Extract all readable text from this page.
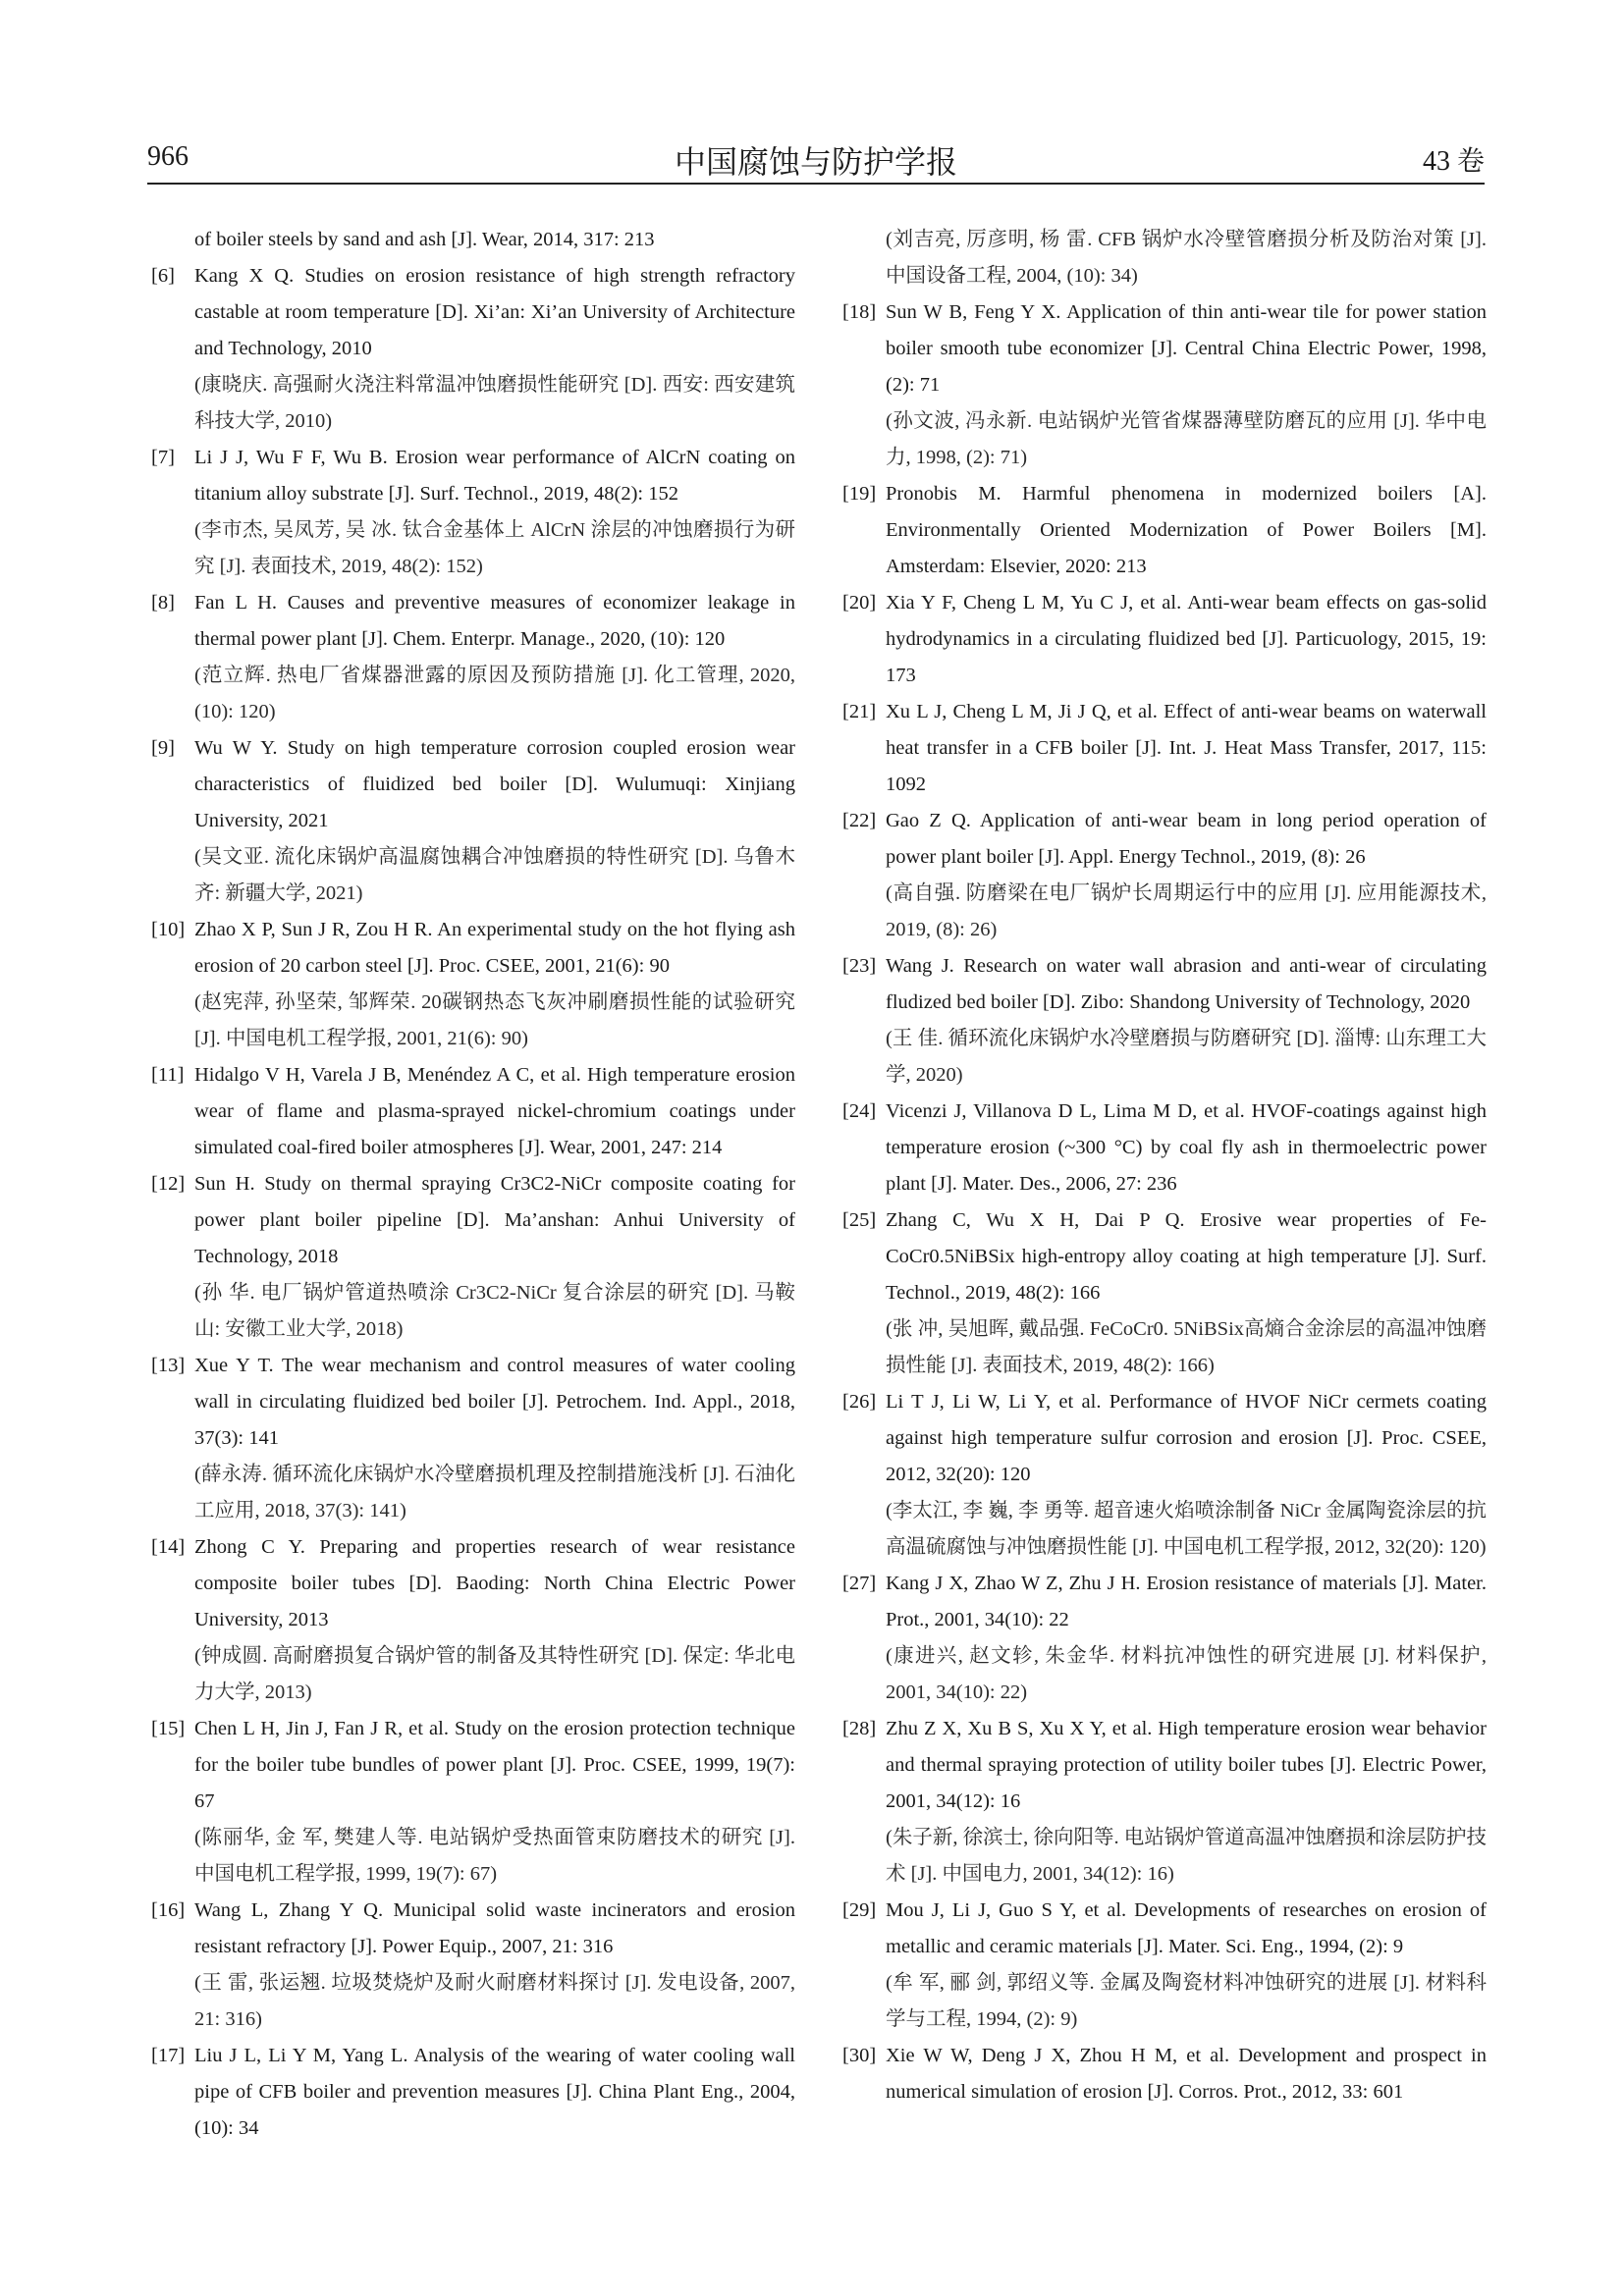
966	中国腐蚀与防护学报	43 卷
of boiler steels by sand and ash [J]. Wear, 2014, 317: 213
[6] Kang X Q. Studies on erosion resistance of high strength refractory castable at room temperature [D]. Xi’an: Xi’an University of Architecture and Technology, 2010
(康晓庆. 高强耐火浇注料常温冲蚀磨损性能研究 [D]. 西安: 西安建筑科技大学, 2010)
[7] Li J J, Wu F F, Wu B. Erosion wear performance of AlCrN coating on titanium alloy substrate [J]. Surf. Technol., 2019, 48(2): 152
(李市杰, 吴凤芳, 吴 冰. 钛合金基体上 AlCrN 涂层的冲蚀磨损行为研究 [J]. 表面技术, 2019, 48(2): 152)
[8] Fan L H. Causes and preventive measures of economizer leakage in thermal power plant [J]. Chem. Enterpr. Manage., 2020, (10): 120
(范立辉. 热电厂省煤器泄露的原因及预防措施 [J]. 化工管理, 2020, (10): 120)
[9] Wu W Y. Study on high temperature corrosion coupled erosion wear characteristics of fluidized bed boiler [D]. Wulumuqi: Xinjiang University, 2021
(吴文亚. 流化床锅炉高温腐蚀耦合冲蚀磨损的特性研究 [D]. 乌鲁木齐: 新疆大学, 2021)
[10] Zhao X P, Sun J R, Zou H R. An experimental study on the hot flying ash erosion of 20 carbon steel [J]. Proc. CSEE, 2001, 21(6): 90
(赵宪萍, 孙坚荣, 邹辉荣. 20碳钢热态飞灰冲刷磨损性能的试验研究 [J]. 中国电机工程学报, 2001, 21(6): 90)
[11] Hidalgo V H, Varela J B, Menéndez A C, et al. High temperature erosion wear of flame and plasma-sprayed nickel-chromium coatings under simulated coal-fired boiler atmospheres [J]. Wear, 2001, 247: 214
[12] Sun H. Study on thermal spraying Cr3C2-NiCr composite coating for power plant boiler pipeline [D]. Ma’anshan: Anhui University of Technology, 2018
(孙 华. 电厂锅炉管道热喷涂 Cr3C2-NiCr 复合涂层的研究 [D]. 马鞍山: 安徽工业大学, 2018)
[13] Xue Y T. The wear mechanism and control measures of water cooling wall in circulating fluidized bed boiler [J]. Petrochem. Ind. Appl., 2018, 37(3): 141
(薛永涛. 循环流化床锅炉水冷壁磨损机理及控制措施浅析 [J]. 石油化工应用, 2018, 37(3): 141)
[14] Zhong C Y. Preparing and properties research of wear resistance composite boiler tubes [D]. Baoding: North China Electric Power University, 2013
(钟成圆. 高耐磨损复合锅炉管的制备及其特性研究 [D]. 保定: 华北电力大学, 2013)
[15] Chen L H, Jin J, Fan J R, et al. Study on the erosion protection technique for the boiler tube bundles of power plant [J]. Proc. CSEE, 1999, 19(7): 67
(陈丽华, 金 军, 樊建人等. 电站锅炉受热面管束防磨技术的研究 [J]. 中国电机工程学报, 1999, 19(7): 67)
[16] Wang L, Zhang Y Q. Municipal solid waste incinerators and erosion resistant refractory [J]. Power Equip., 2007, 21: 316
(王 雷, 张运翘. 垃圾焚烧炉及耐火耐磨材料探讨 [J]. 发电设备, 2007, 21: 316)
[17] Liu J L, Li Y M, Yang L. Analysis of the wearing of water cooling wall pipe of CFB boiler and prevention measures [J]. China Plant Eng., 2004, (10): 34
(刘吉亮, 厉彦明, 杨 雷. CFB 锅炉水冷壁管磨损分析及防治对策 [J]. 中国设备工程, 2004, (10): 34)
[18] Sun W B, Feng Y X. Application of thin anti-wear tile for power station boiler smooth tube economizer [J]. Central China Electric Power, 1998, (2): 71
(孙文波, 冯永新. 电站锅炉光管省煤器薄壁防磨瓦的应用 [J]. 华中电力, 1998, (2): 71)
[19] Pronobis M. Harmful phenomena in modernized boilers [A]. Environmentally Oriented Modernization of Power Boilers [M]. Amsterdam: Elsevier, 2020: 213
[20] Xia Y F, Cheng L M, Yu C J, et al. Anti-wear beam effects on gas-solid hydrodynamics in a circulating fluidized bed [J]. Particuology, 2015, 19: 173
[21] Xu L J, Cheng L M, Ji J Q, et al. Effect of anti-wear beams on waterwall heat transfer in a CFB boiler [J]. Int. J. Heat Mass Transfer, 2017, 115: 1092
[22] Gao Z Q. Application of anti-wear beam in long period operation of power plant boiler [J]. Appl. Energy Technol., 2019, (8): 26
(高自强. 防磨梁在电厂锅炉长周期运行中的应用 [J]. 应用能源技术, 2019, (8): 26)
[23] Wang J. Research on water wall abrasion and anti-wear of circulating fludized bed boiler [D]. Zibo: Shandong University of Technology, 2020
(王 佳. 循环流化床锅炉水冷壁磨损与防磨研究 [D]. 淄博: 山东理工大学, 2020)
[24] Vicenzi J, Villanova D L, Lima M D, et al. HVOF-coatings against high temperature erosion (~300 °C) by coal fly ash in thermoelectric power plant [J]. Mater. Des., 2006, 27: 236
[25] Zhang C, Wu X H, Dai P Q. Erosive wear properties of Fe-CoCr0.5NiBSix high-entropy alloy coating at high temperature [J]. Surf. Technol., 2019, 48(2): 166
(张 冲, 吴旭晖, 戴品强. FeCoCr0. 5NiBSix高熵合金涂层的高温冲蚀磨损性能 [J]. 表面技术, 2019, 48(2): 166)
[26] Li T J, Li W, Li Y, et al. Performance of HVOF NiCr cermets coating against high temperature sulfur corrosion and erosion [J]. Proc. CSEE, 2012, 32(20): 120
(李太江, 李 巍, 李 勇等. 超音速火焰喷涂制备 NiCr 金属陶瓷涂层的抗高温硫腐蚀与冲蚀磨损性能 [J]. 中国电机工程学报, 2012, 32(20): 120)
[27] Kang J X, Zhao W Z, Zhu J H. Erosion resistance of materials [J]. Mater. Prot., 2001, 34(10): 22
(康进兴, 赵文轸, 朱金华. 材料抗冲蚀性的研究进展 [J]. 材料保护, 2001, 34(10): 22)
[28] Zhu Z X, Xu B S, Xu X Y, et al. High temperature erosion wear behavior and thermal spraying protection of utility boiler tubes [J]. Electric Power, 2001, 34(12): 16
(朱子新, 徐滨士, 徐向阳等. 电站锅炉管道高温冲蚀磨损和涂层防护技术 [J]. 中国电力, 2001, 34(12): 16)
[29] Mou J, Li J, Guo S Y, et al. Developments of researches on erosion of metallic and ceramic materials [J]. Mater. Sci. Eng., 1994, (2): 9
(牟 军, 郦 剑, 郭绍义等. 金属及陶瓷材料冲蚀研究的进展 [J]. 材料科学与工程, 1994, (2): 9)
[30] Xie W W, Deng J X, Zhou H M, et al. Development and prospect in numerical simulation of erosion [J]. Corros. Prot., 2012, 33: 601
